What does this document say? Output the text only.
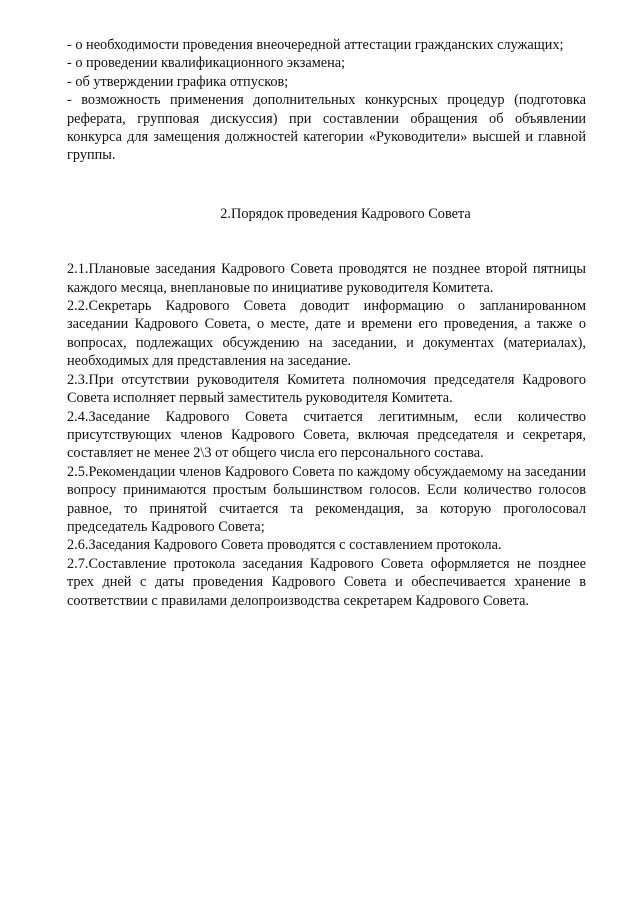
- о необходимости проведения внеочередной аттестации гражданских служащих;

- о проведении квалификационного экзамена;

- об утверждении графика отпусков;

- возможность применения дополнительных конкурсных процедур (подготовка реферата, групповая дискуссия) при составлении обращения об объявлении конкурса для замещения должностей категории «Руководители» высшей и главной группы.

2.Порядок проведения Кадрового Совета

2.1.Плановые заседания Кадрового Совета проводятся не позднее второй пятницы каждого месяца, внеплановые по инициативе руководителя Комитета.

2.2.Секретарь Кадрового Совета доводит информацию о запланированном заседании Кадрового Совета, о месте, дате и времени его проведения, а также о вопросах, подлежащих обсуждению на заседании, и документах (материалах), необходимых для представления на заседание.

2.3.При отсутствии руководителя Комитета полномочия председателя Кадрового Совета исполняет первый заместитель руководителя Комитета.

2.4.Заседание Кадрового Совета считается легитимным, если количество присутствующих членов Кадрового Совета, включая председателя и секретаря, составляет не менее 2\3 от общего числа его персонального состава.

2.5.Рекомендации членов Кадрового Совета по каждому обсуждаемому на заседании вопросу принимаются простым большинством голосов. Если количество голосов равное, то принятой считается та рекомендация, за которую проголосовал председатель Кадрового Совета;

2.6.Заседания Кадрового Совета проводятся с составлением протокола.

2.7.Составление протокола заседания Кадрового Совета оформляется не позднее трех дней с даты проведения Кадрового Совета и обеспечивается хранение в соответствии с правилами делопроизводства секретарем Кадрового Совета.
